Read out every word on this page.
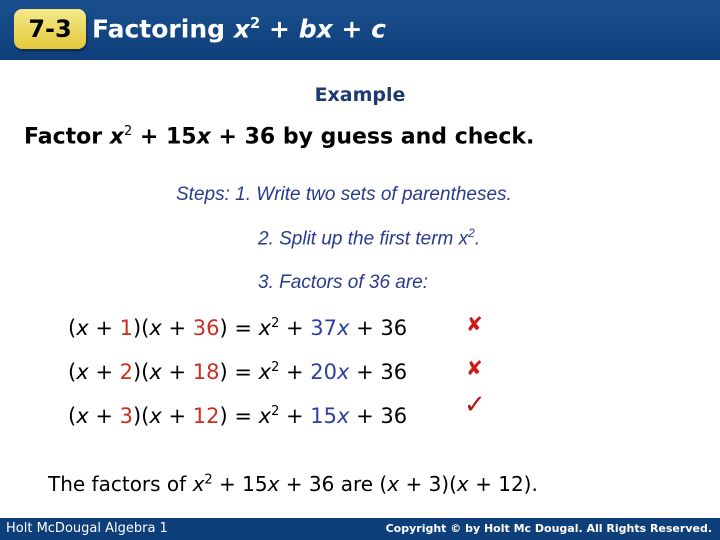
7-3 Factoring $x^2$ + bx + c
Example
Factor $x^2 + 15x + 36$ by guess and check.
Steps: 1. Write two sets of parentheses.
2. Split up the first term $x^2$.
3. Factors of 36 are:
$(x + 1)(x + 36) = x^2 + 37x + 36$	✘
$(x + 2)(x + 18) = x^2 + 20x + 36$	✘
$(x + 3)(x + 12) = x^2 + 15x + 36$ ✓
The factors of $x^2 + 15x + 36$ are (x + 3)(x + 12).
Holt McDougal Algebra 1	Copyright © by Holt Mc Dougal. All Rights Reserved.
